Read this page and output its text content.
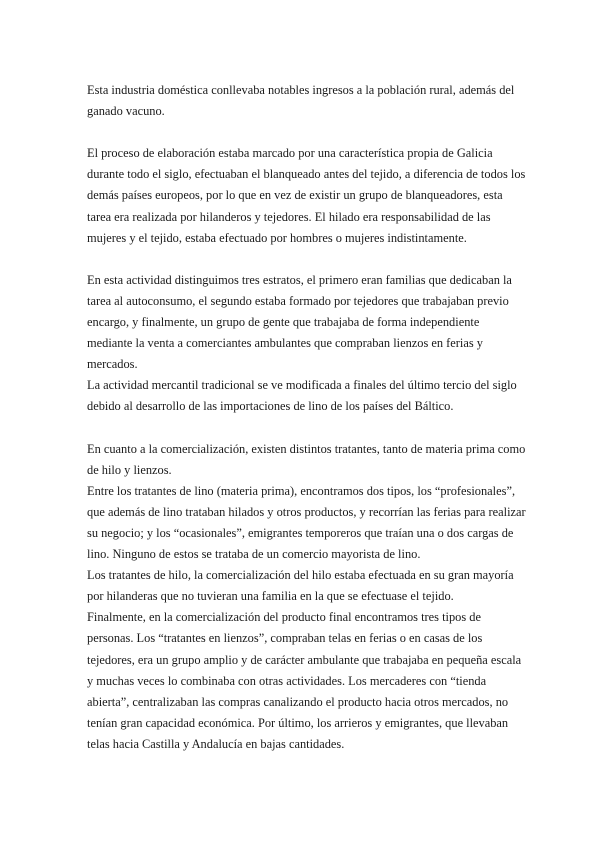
Esta industria doméstica conllevaba notables ingresos a la población rural, además del ganado vacuno.

El proceso de elaboración estaba marcado por una característica propia de Galicia durante todo el siglo, efectuaban el blanqueado antes del tejido, a diferencia de todos los demás países europeos, por lo que en vez de existir un grupo de blanqueadores, esta tarea era realizada por hilanderos y tejedores. El hilado era responsabilidad de las mujeres y el tejido, estaba efectuado por hombres o mujeres indistintamente.

En esta actividad distinguimos tres estratos, el primero eran familias que dedicaban la tarea al autoconsumo, el segundo estaba formado por tejedores que trabajaban previo encargo, y finalmente, un grupo de gente que trabajaba de forma independiente mediante la venta a comerciantes ambulantes que compraban lienzos en ferias y mercados.

La actividad mercantil tradicional se ve modificada a finales del último tercio del siglo debido al desarrollo de las importaciones de lino de los países del Báltico.

En cuanto a la comercialización, existen distintos tratantes, tanto de materia prima como de hilo y lienzos.

Entre los tratantes de lino (materia prima), encontramos dos tipos, los “profesionales”, que además de lino trataban hilados y otros productos, y recorrían las ferias para realizar su negocio; y los “ocasionales”, emigrantes temporeros que traían una o dos cargas de lino. Ninguno de estos se trataba de un comercio mayorista de lino.

Los tratantes de hilo, la comercialización del hilo estaba efectuada en su gran mayoría por hilanderas que no tuvieran una familia en la que se efectuase el tejido.

Finalmente, en la comercialización del producto final encontramos tres tipos de personas. Los “tratantes en lienzos”, compraban telas en ferias o en casas de los tejedores, era un grupo amplio y de carácter ambulante que trabajaba en pequeña escala y muchas veces lo combinaba con otras actividades. Los mercaderes con “tienda abierta”, centralizaban las compras canalizando el producto hacia otros mercados, no tenían gran capacidad económica. Por último, los arrieros y emigrantes, que llevaban telas hacia Castilla y Andalucía en bajas cantidades.
